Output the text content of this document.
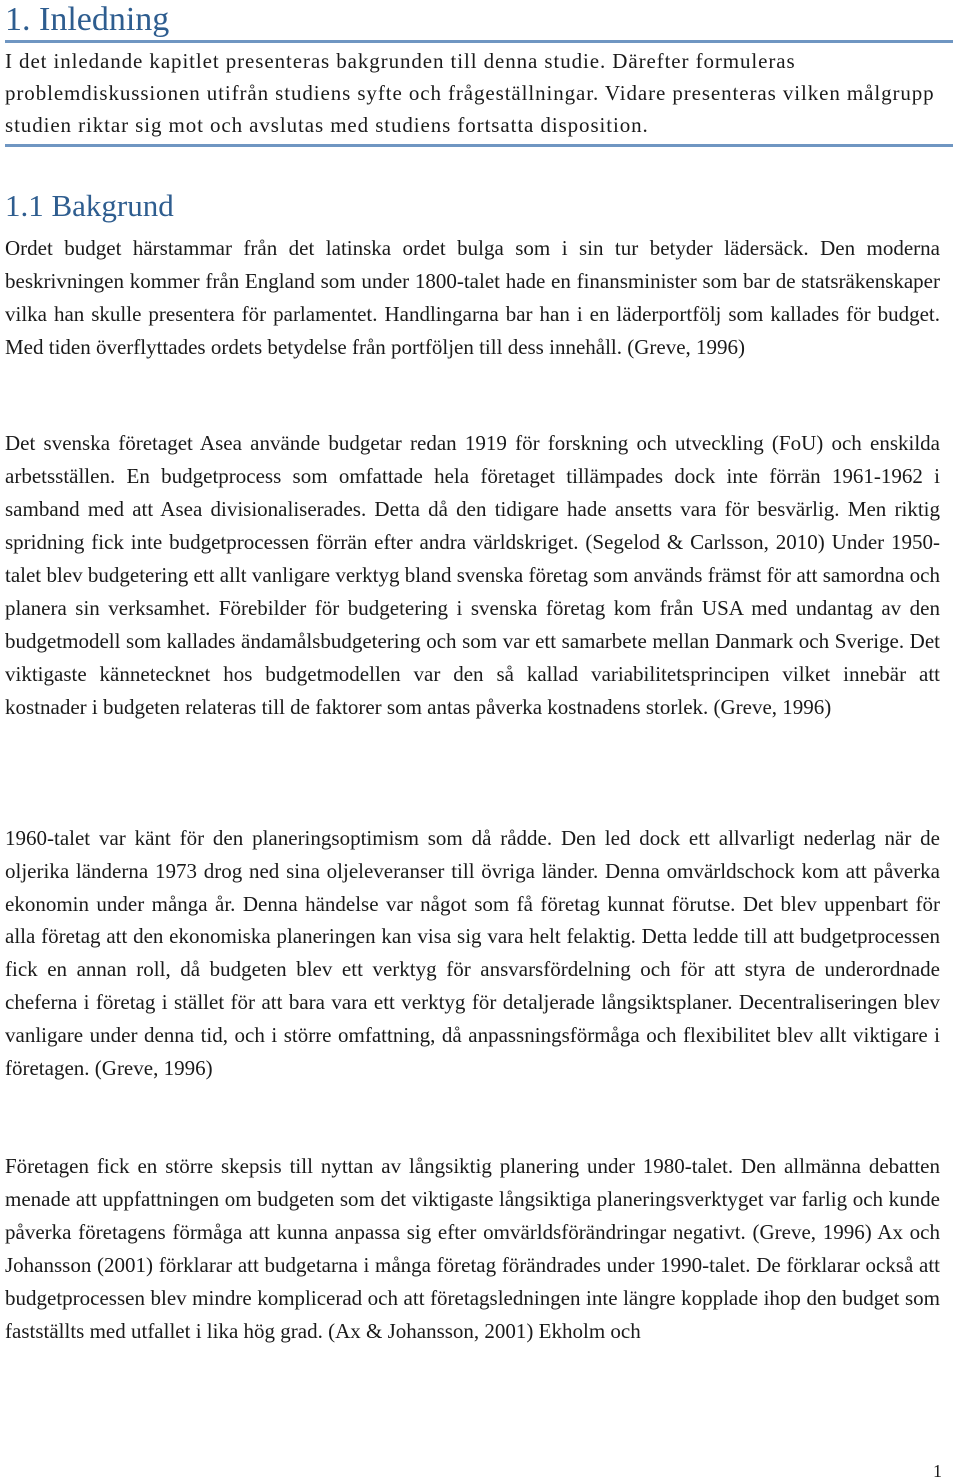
1. Inledning
I det inledande kapitlet presenteras bakgrunden till denna studie. Därefter formuleras problemdiskussionen utifrån studiens syfte och frågeställningar. Vidare presenteras vilken målgrupp studien riktar sig mot och avslutas med studiens fortsatta disposition.
1.1 Bakgrund
Ordet budget härstammar från det latinska ordet bulga som i sin tur betyder lädersäck. Den moderna beskrivningen kommer från England som under 1800-talet hade en finansminister som bar de statsräkenskaper vilka han skulle presentera för parlamentet. Handlingarna bar han i en läderportfölj som kallades för budget. Med tiden överflyttades ordets betydelse från portföljen till dess innehåll. (Greve, 1996)
Det svenska företaget Asea använde budgetar redan 1919 för forskning och utveckling (FoU) och enskilda arbetsställen. En budgetprocess som omfattade hela företaget tillämpades dock inte förrän 1961-1962 i samband med att Asea divisionaliserades. Detta då den tidigare hade ansetts vara för besvärlig. Men riktig spridning fick inte budgetprocessen förrän efter andra världskriget. (Segelod & Carlsson, 2010) Under 1950-talet blev budgetering ett allt vanligare verktyg bland svenska företag som används främst för att samordna och planera sin verksamhet. Förebilder för budgetering i svenska företag kom från USA med undantag av den budgetmodell som kallades ändamålsbudgetering och som var ett samarbete mellan Danmark och Sverige. Det viktigaste kännetecknet hos budgetmodellen var den så kallad variabilitetsprincipen vilket innebär att kostnader i budgeten relateras till de faktorer som antas påverka kostnadens storlek. (Greve, 1996)
1960-talet var känt för den planeringsoptimism som då rådde. Den led dock ett allvarligt nederlag när de oljerika länderna 1973 drog ned sina oljeleveranser till övriga länder. Denna omvärldschock kom att påverka ekonomin under många år. Denna händelse var något som få företag kunnat förutse. Det blev uppenbart för alla företag att den ekonomiska planeringen kan visa sig vara helt felaktig. Detta ledde till att budgetprocessen fick en annan roll, då budgeten blev ett verktyg för ansvarsfördelning och för att styra de underordnade cheferna i företag i stället för att bara vara ett verktyg för detaljerade långsiktsplaner. Decentraliseringen blev vanligare under denna tid, och i större omfattning, då anpassningsförmåga och flexibilitet blev allt viktigare i företagen. (Greve, 1996)
Företagen fick en större skepsis till nyttan av långsiktig planering under 1980-talet. Den allmänna debatten menade att uppfattningen om budgeten som det viktigaste långsiktiga planeringsverktyget var farlig och kunde påverka företagens förmåga att kunna anpassa sig efter omvärldsförändringar negativt. (Greve, 1996) Ax och Johansson (2001) förklarar att budgetarna i många företag förändrades under 1990-talet. De förklarar också att budgetprocessen blev mindre komplicerad och att företagsledningen inte längre kopplade ihop den budget som fastställts med utfallet i lika hög grad. (Ax & Johansson, 2001) Ekholm och
1
